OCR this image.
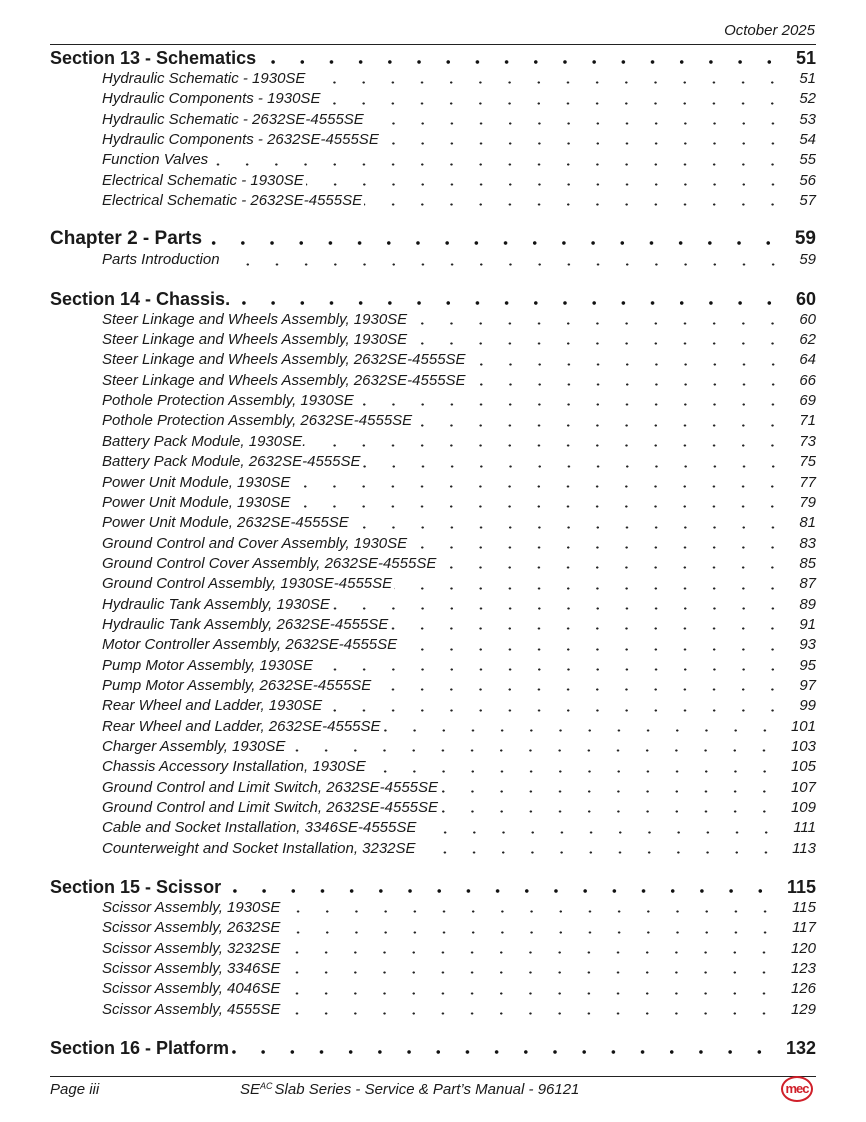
October 2025
Section 13 - Schematics	51
Hydraulic Schematic - 1930SE	51
Hydraulic Components - 1930SE	52
Hydraulic Schematic - 2632SE-4555SE	53
Hydraulic Components - 2632SE-4555SE	54
Function Valves	55
Electrical Schematic - 1930SE	56
Electrical Schematic - 2632SE-4555SE	57
Chapter 2 - Parts	59
Parts Introduction	59
Section 14 - Chassis.	60
Steer Linkage and Wheels Assembly, 1930SE	60
Steer Linkage and Wheels Assembly, 1930SE	62
Steer Linkage and Wheels Assembly, 2632SE-4555SE	64
Steer Linkage and Wheels Assembly, 2632SE-4555SE	66
Pothole Protection Assembly, 1930SE	69
Pothole Protection Assembly, 2632SE-4555SE	71
Battery Pack Module, 1930SE.	73
Battery Pack Module, 2632SE-4555SE	75
Power Unit Module, 1930SE	77
Power Unit Module, 1930SE	79
Power Unit Module, 2632SE-4555SE	81
Ground Control and Cover Assembly, 1930SE	83
Ground Control Cover Assembly, 2632SE-4555SE	85
Ground Control Assembly, 1930SE-4555SE	87
Hydraulic Tank Assembly, 1930SE	89
Hydraulic Tank Assembly, 2632SE-4555SE	91
Motor Controller Assembly, 2632SE-4555SE	93
Pump Motor Assembly, 1930SE	95
Pump Motor Assembly, 2632SE-4555SE	97
Rear Wheel and Ladder, 1930SE	99
Rear Wheel and Ladder, 2632SE-4555SE	101
Charger Assembly, 1930SE	103
Chassis Accessory Installation, 1930SE	105
Ground Control and Limit Switch, 2632SE-4555SE	107
Ground Control and Limit Switch, 2632SE-4555SE	109
Cable and Socket Installation, 3346SE-4555SE	111
Counterweight and Socket Installation, 3232SE	113
Section 15 - Scissor	115
Scissor Assembly, 1930SE	115
Scissor Assembly, 2632SE	117
Scissor Assembly, 3232SE	120
Scissor Assembly, 3346SE	123
Scissor Assembly, 4046SE	126
Scissor Assembly, 4555SE	129
Section 16 - Platform	132
Page iii	SE AC Slab Series - Service & Part’s Manual - 96121	mec
